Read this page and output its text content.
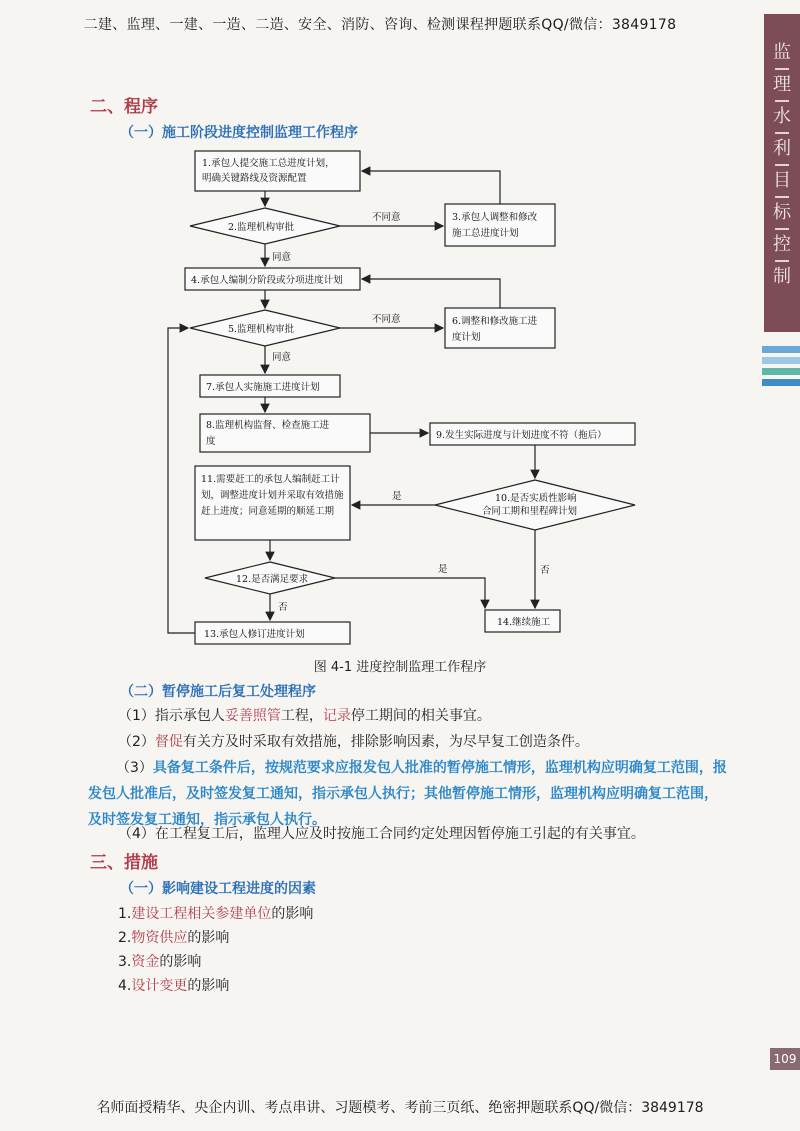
二建、监理、一建、一造、二造、安全、消防、咨询、检测课程押题联系QQ/微信：3849178
监
理
水
利
目
标
控
制
109
二、程序
（一）施工阶段进度控制监理工作程序
1.承包人提交施工总进度计划，
明确关键路线及资源配置
2.监理机构审批
不同意	3.承包人调整和修改
施工总进度计划
同意
4.承包人编制分阶段或分项进度计划
5.监理机构审批
不同意	6.调整和修改施工进
度计划
同意
7.承包人实施施工进度计划
8.监理机构监督、检查施工进
度
9.发生实际进度与计划进度不符（拖后）
10.是否实质性影响
合同工期和里程碑计划
是
11.需要赶工的承包人编制赶工计
划，调整进度计划并采取有效措施
赶上进度；同意延期的顺延工期
否
12.是否满足要求
是
否
13.承包人修订进度计划
14.继续施工
图 4-1 进度控制监理工作程序
（二）暂停施工后复工处理程序
（1）指示承包人妥善照管工程，记录停工期间的相关事宜。
（2）督促有关方及时采取有效措施，排除影响因素，为尽早复工创造条件。
（3）具备复工条件后，按规范要求应报发包人批准的暂停施工情形，监理机构应明确复工范围，报发包人批准后，及时签发复工通知，指示承包人执行；其他暂停施工情形，监理机构应明确复工范围，及时签发复工通知，指示承包人执行。
（4）在工程复工后，监理人应及时按施工合同约定处理因暂停施工引起的有关事宜。
三、措施
（一）影响建设工程进度的因素
1.建设工程相关参建单位的影响
2.物资供应的影响
3.资金的影响
4.设计变更的影响
名师面授精华、央企内训、考点串讲、习题模考、考前三页纸、绝密押题联系QQ/微信：3849178
